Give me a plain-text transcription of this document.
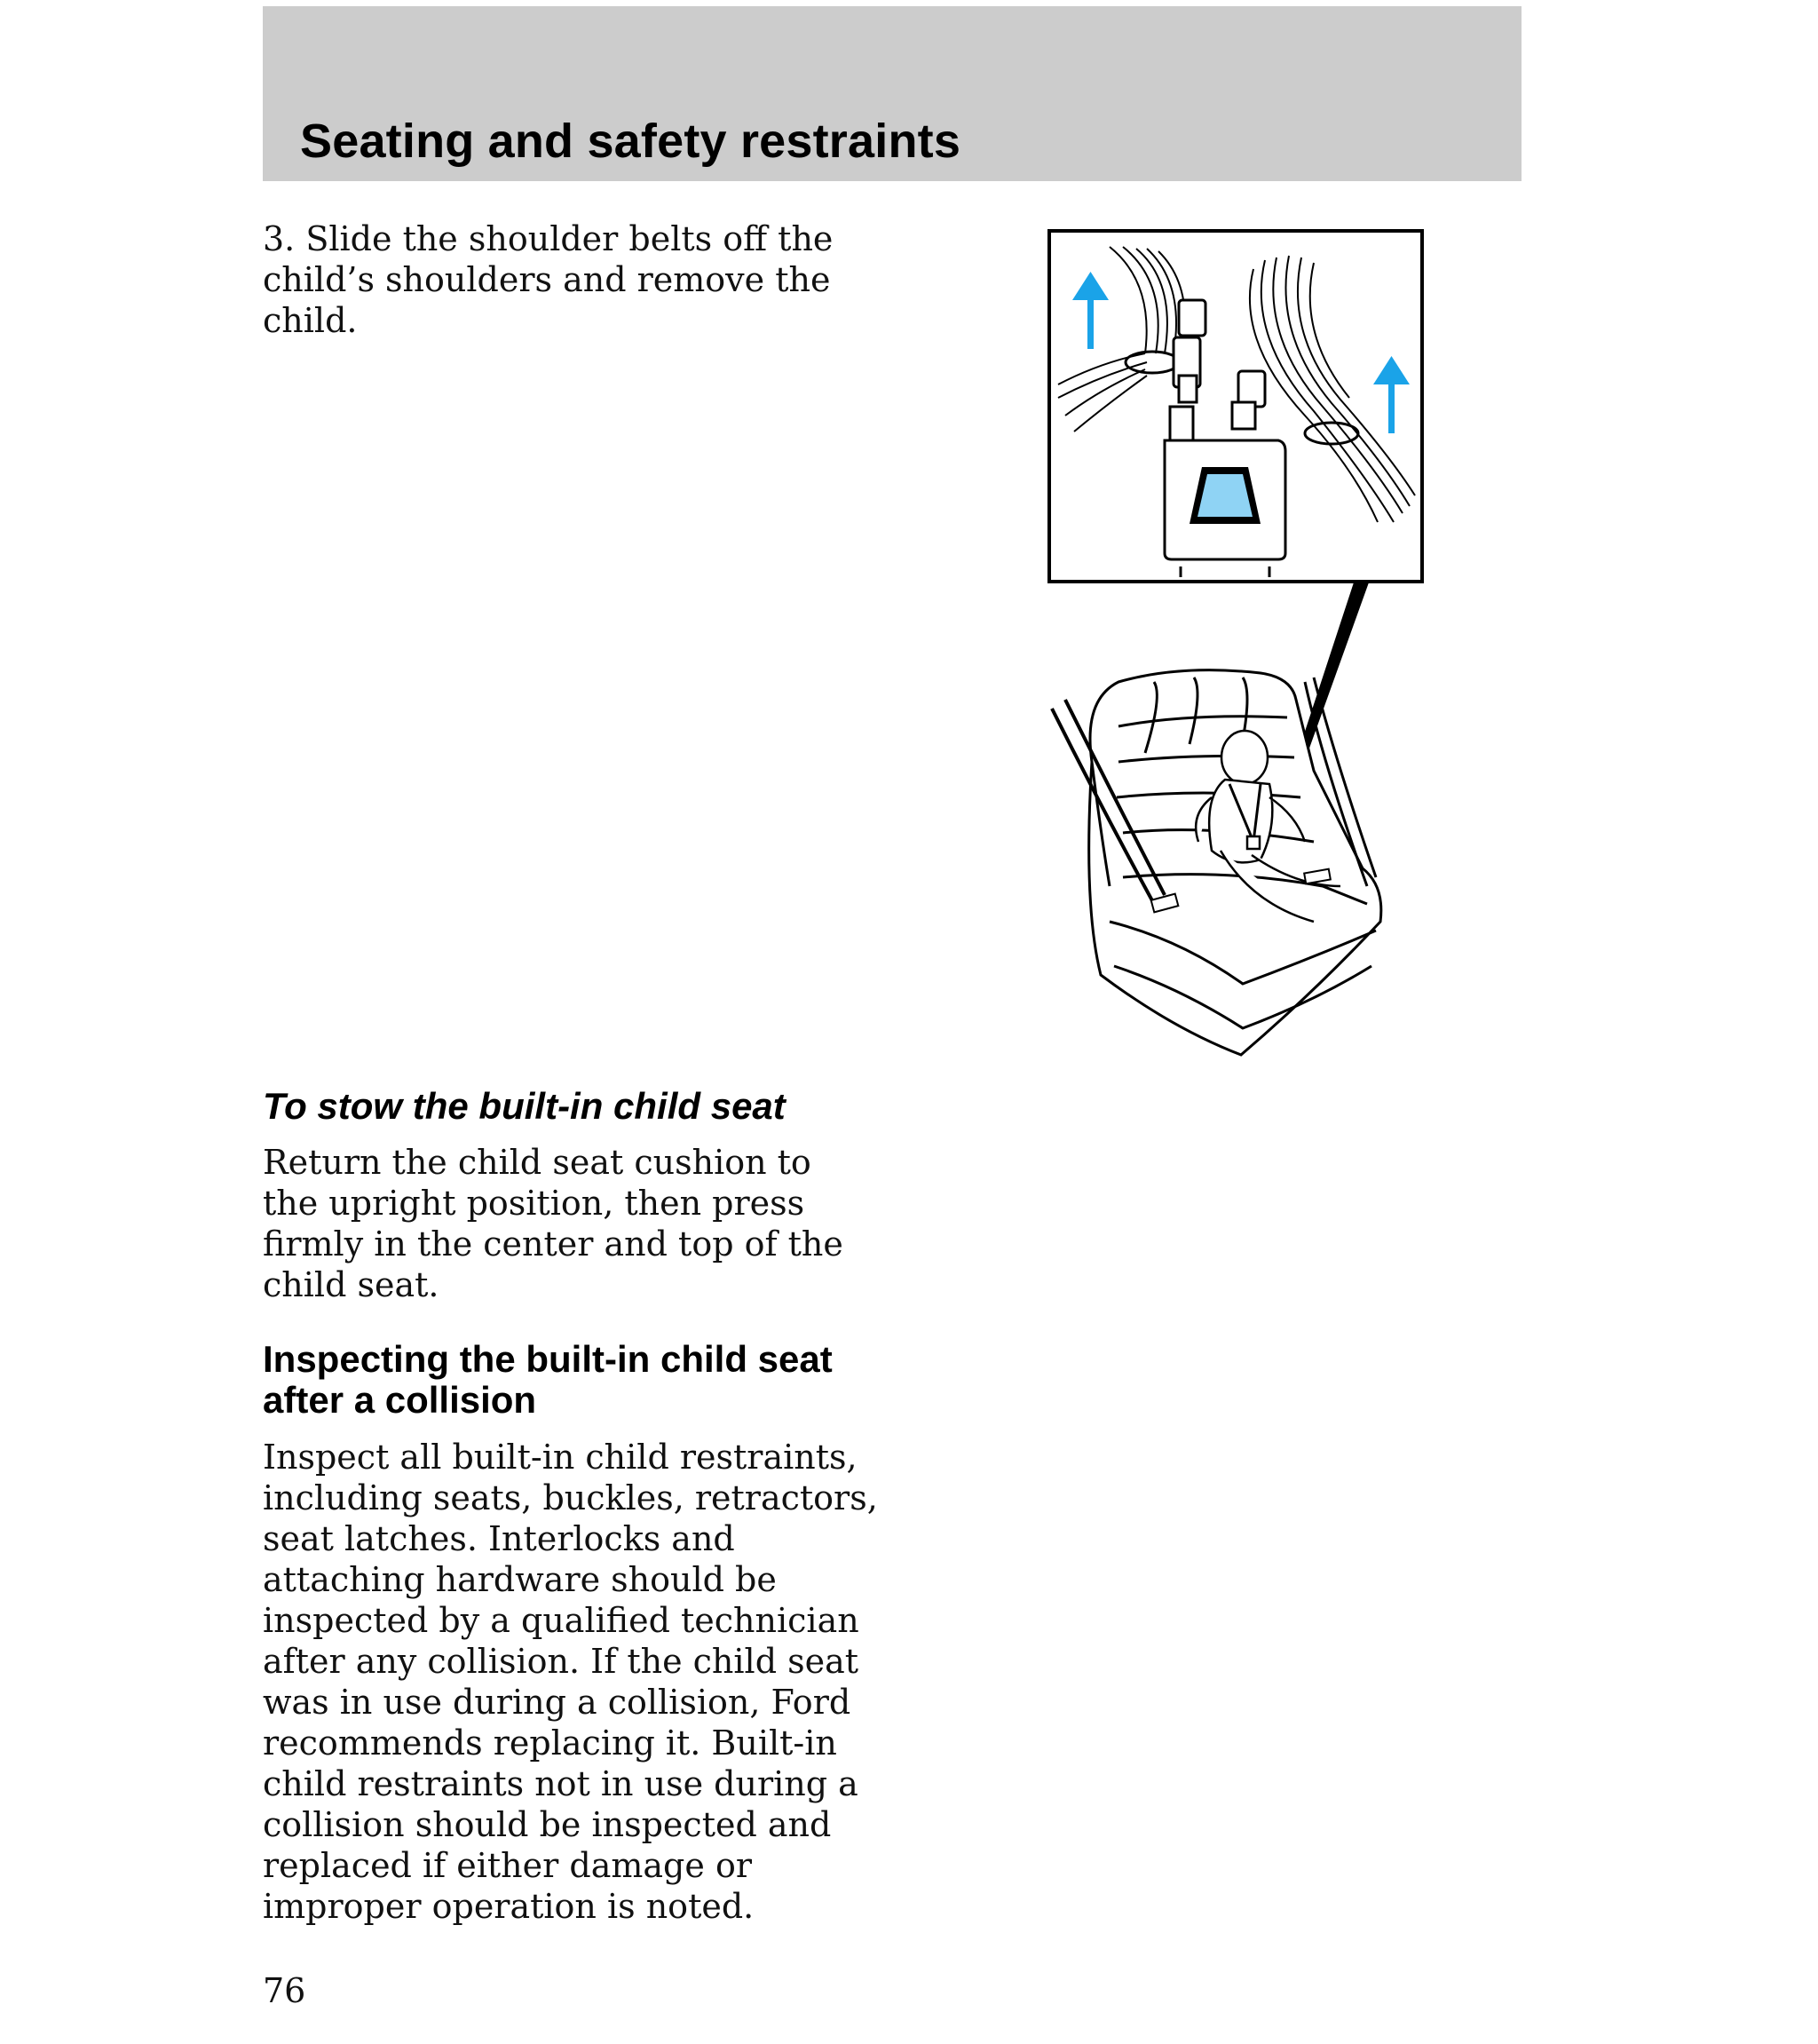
Seating and safety restraints

3. Slide the shoulder belts off the
child’s shoulders and remove the
child.

To stow the built-in child seat

Return the child seat cushion to
the upright position, then press
firmly in the center and top of the
child seat.

Inspecting the built-in child seat
after a collision

Inspect all built-in child restraints,
including seats, buckles, retractors,
seat latches. Interlocks and
attaching hardware should be
inspected by a qualified technician
after any collision. If the child seat
was in use during a collision, Ford
recommends replacing it. Built-in
child restraints not in use during a
collision should be inspected and
replaced if either damage or
improper operation is noted.

76
